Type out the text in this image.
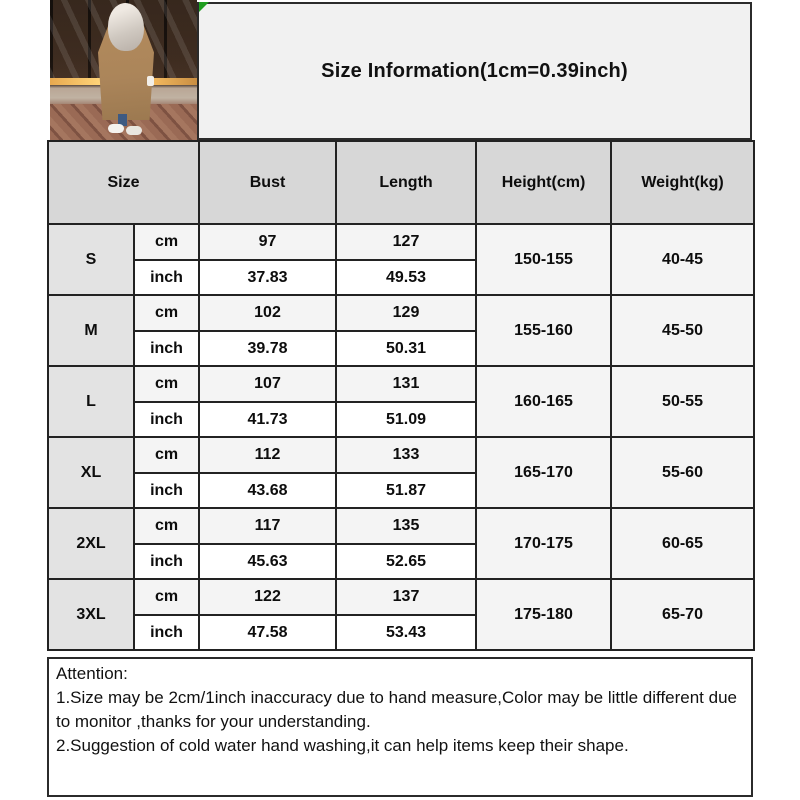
Size Information(1cm=0.39inch)
Size		Bust	Length	Height(cm)	Weight(kg)
S	cm	97	127	150-155	40-45
	inch	37.83	49.53		
M	cm	102	129	155-160	45-50
	inch	39.78	50.31		
L	cm	107	131	160-165	50-55
	inch	41.73	51.09		
XL	cm	112	133	165-170	55-60
	inch	43.68	51.87		
2XL	cm	117	135	170-175	60-65
	inch	45.63	52.65		
3XL	cm	122	137	175-180	65-70
	inch	47.58	53.43		
Attention:
1.Size may be 2cm/1inch inaccuracy due to hand measure,Color may be little different due to monitor ,thanks for your understanding.
2.Suggestion of cold water hand washing,it can help items keep their shape.
